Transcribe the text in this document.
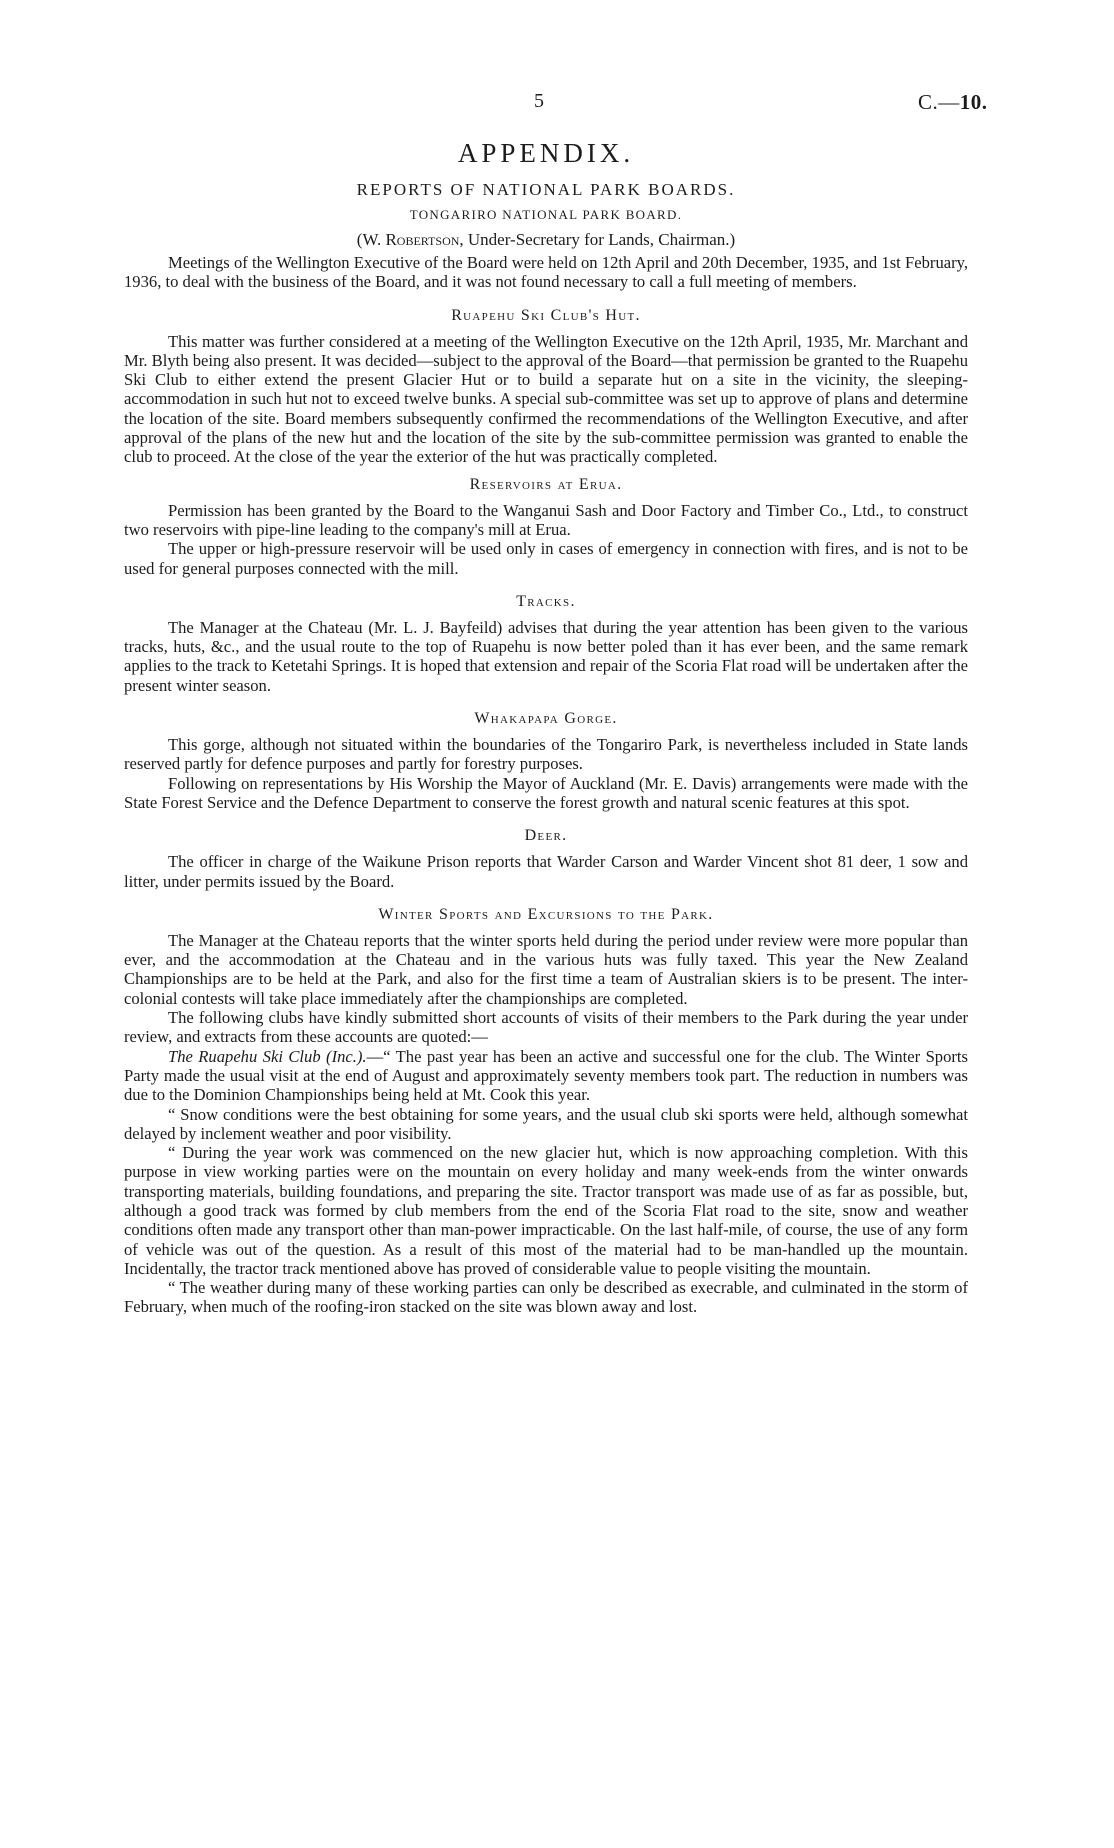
5	C.—10.
APPENDIX.
REPORTS OF NATIONAL PARK BOARDS.
TONGARIRO NATIONAL PARK BOARD.
(W. Robertson, Under-Secretary for Lands, Chairman.)

Meetings of the Wellington Executive of the Board were held on 12th April and 20th December, 1935, and 1st February, 1936, to deal with the business of the Board, and it was not found necessary to call a full meeting of members.

Ruapehu Ski Club's Hut.

This matter was further considered at a meeting of the Wellington Executive on the 12th April, 1935, Mr. Marchant and Mr. Blyth being also present. It was decided—subject to the approval of the Board—that permission be granted to the Ruapehu Ski Club to either extend the present Glacier Hut or to build a separate hut on a site in the vicinity, the sleeping-accommodation in such hut not to exceed twelve bunks. A special sub-committee was set up to approve of plans and determine the location of the site. Board members subsequently confirmed the recommendations of the Wellington Executive, and after approval of the plans of the new hut and the location of the site by the sub-committee permission was granted to enable the club to proceed. At the close of the year the exterior of the hut was practically completed.

Reservoirs at Erua.

Permission has been granted by the Board to the Wanganui Sash and Door Factory and Timber Co., Ltd., to construct two reservoirs with pipe-line leading to the company's mill at Erua.

The upper or high-pressure reservoir will be used only in cases of emergency in connection with fires, and is not to be used for general purposes connected with the mill.

Tracks.

The Manager at the Chateau (Mr. L. J. Bayfeild) advises that during the year attention has been given to the various tracks, huts, &c., and the usual route to the top of Ruapehu is now better poled than it has ever been, and the same remark applies to the track to Ketetahi Springs. It is hoped that extension and repair of the Scoria Flat road will be undertaken after the present winter season.

Whakapapa Gorge.

This gorge, although not situated within the boundaries of the Tongariro Park, is nevertheless included in State lands reserved partly for defence purposes and partly for forestry purposes.

Following on representations by His Worship the Mayor of Auckland (Mr. E. Davis) arrangements were made with the State Forest Service and the Defence Department to conserve the forest growth and natural scenic features at this spot.

Deer.

The officer in charge of the Waikune Prison reports that Warder Carson and Warder Vincent shot 81 deer, 1 sow and litter, under permits issued by the Board.

Winter Sports and Excursions to the Park.

The Manager at the Chateau reports that the winter sports held during the period under review were more popular than ever, and the accommodation at the Chateau and in the various huts was fully taxed. This year the New Zealand Championships are to be held at the Park, and also for the first time a team of Australian skiers is to be present. The inter-colonial contests will take place immediately after the championships are completed.

The following clubs have kindly submitted short accounts of visits of their members to the Park during the year under review, and extracts from these accounts are quoted:—

The Ruapehu Ski Club (Inc.).—“ The past year has been an active and successful one for the club. The Winter Sports Party made the usual visit at the end of August and approximately seventy members took part. The reduction in numbers was due to the Dominion Championships being held at Mt. Cook this year.

“ Snow conditions were the best obtaining for some years, and the usual club ski sports were held, although somewhat delayed by inclement weather and poor visibility.

“ During the year work was commenced on the new glacier hut, which is now approaching completion. With this purpose in view working parties were on the mountain on every holiday and many week-ends from the winter onwards transporting materials, building foundations, and preparing the site. Tractor transport was made use of as far as possible, but, although a good track was formed by club members from the end of the Scoria Flat road to the site, snow and weather conditions often made any transport other than man-power impracticable. On the last half-mile, of course, the use of any form of vehicle was out of the question. As a result of this most of the material had to be man-handled up the mountain. Incidentally, the tractor track mentioned above has proved of considerable value to people visiting the mountain.

“ The weather during many of these working parties can only be described as execrable, and culminated in the storm of February, when much of the roofing-iron stacked on the site was blown away and lost.
